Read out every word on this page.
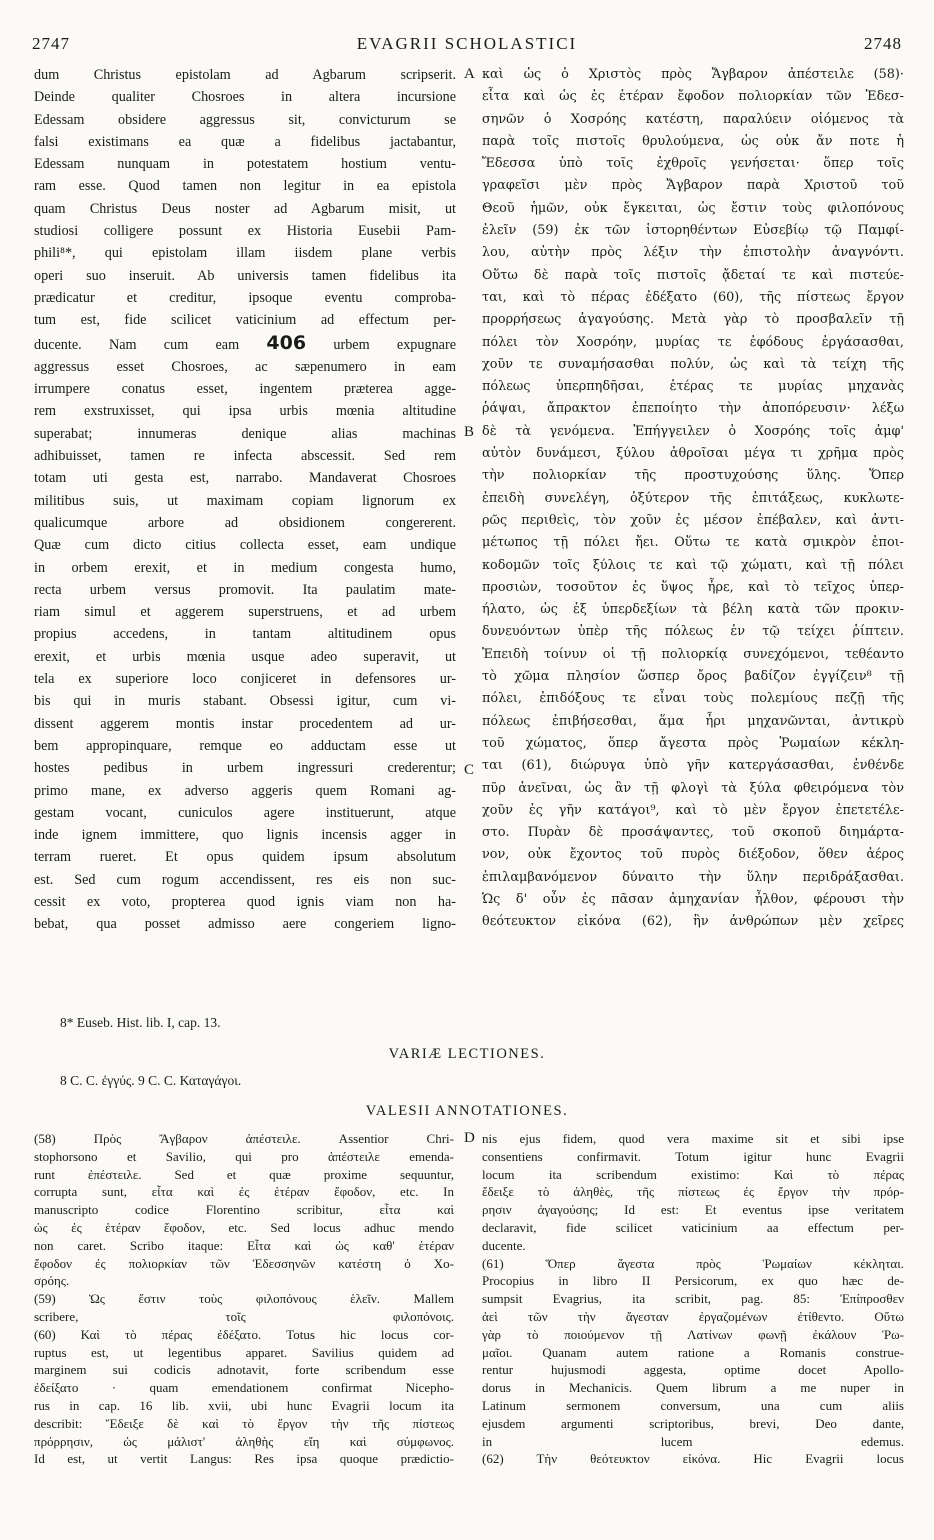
2747	EVAGRII SCHOLASTICI	2748
dum Christus epistolam ad Agbarum scripserit.
Deinde qualiter Chosroes in altera incursione
Edessam obsidere aggressus sit, convicturum se
falsi existimans ea quæ a fidelibus jactabantur,
Edessam nunquam in potestatem hostium ventu-
ram esse. Quod tamen non legitur in ea epistola
quam Christus Deus noster ad Agbarum misit, ut
studiosi colligere possunt ex Historia Eusebii Pam-
phili⁸*, qui epistolam illam iisdem plane verbis
operi suo inseruit. Ab universis tamen fidelibus ita
prædicatur et creditur, ipsoque eventu comproba-
tum est, fide scilicet vaticinium ad effectum per-
ducente. Nam cum eam 406 urbem expugnare
aggressus esset Chosroes, ac sæpenumero in eam
irrumpere conatus esset, ingentem præterea agge-
rem exstruxisset, qui ipsa urbis mœnia altitudine
superabat; innumeras denique alias machinas
adhibuisset, tamen re infecta abscessit. Sed rem
totam uti gesta est, narrabo. Mandaverat Chosroes
militibus suis, ut maximam copiam lignorum ex
qualicumque arbore ad obsidionem congererent.
Quæ cum dicto citius collecta esset, eam undique
in orbem erexit, et in medium congesta humo,
recta urbem versus promovit. Ita paulatim mate-
riam simul et aggerem superstruens, et ad urbem
propius accedens, in tantam altitudinem opus
erexit, et urbis mœnia usque adeo superavit, ut
tela ex superiore loco conjiceret in defensores ur-
bis qui in muris stabant. Obsessi igitur, cum vi-
dissent aggerem montis instar procedentem ad ur-
bem appropinquare, remque eo adductam esse ut
hostes pedibus in urbem ingressuri crederentur;
primo mane, ex adverso aggeris quem Romani ag-
gestam vocant, cuniculos agere instituerunt, atque
inde ignem immittere, quo lignis incensis agger in
terram rueret. Et opus quidem ipsum absolutum
est. Sed cum rogum accendissent, res eis non suc-
cessit ex voto, propterea quod ignis viam non ha-
bebat, qua posset admisso aere congeriem ligno-
καὶ ὡς ὁ Χριστὸς πρὸς Ἄγβαρον ἀπέστειλε (58)·
εἶτα καὶ ὡς ἐς ἑτέραν ἔφοδον πολιορκίαν τῶν Ἐδεσ-
σηνῶν ὁ Χοσρόης κατέστη, παραλύειν οἰόμενος τὰ
παρὰ τοῖς πιστοῖς θρυλούμενα, ὡς οὐκ ἄν ποτε ἡ
Ἔδεσσα ὑπὸ τοῖς ἐχθροῖς γενήσεται· ὅπερ τοῖς
γραφεῖσι μὲν πρὸς Ἄγβαρον παρὰ Χριστοῦ τοῦ
Θεοῦ ἡμῶν, οὐκ ἔγκειται, ὡς ἔστιν τοὺς φιλοπόνους
ἐλεῖν (59) ἐκ τῶν ἱστορηθέντων Εὐσεβίῳ τῷ Παμφί-
λου, αὐτὴν πρὸς λέξιν τὴν ἐπιστολὴν ἀναγνόντι.
Οὕτω δὲ παρὰ τοῖς πιστοῖς ᾄδεταί τε καὶ πιστεύε-
ται, καὶ τὸ πέρας ἐδέξατο (60), τῆς πίστεως ἔργον
προρρήσεως ἀγαγούσης. Μετὰ γὰρ τὸ προσβαλεῖν τῇ
πόλει τὸν Χοσρόην, μυρίας τε ἐφόδους ἐργάσασθαι,
χοῦν τε συναμήσασθαι πολύν, ὡς καὶ τὰ τείχη τῆς
πόλεως ὑπερπηδῆσαι, ἑτέρας τε μυρίας μηχανὰς
ῥάψαι, ἄπρακτον ἐπεποίητο τὴν ἀποπόρευσιν· λέξω
δὲ τὰ γενόμενα. Ἐπήγγειλεν ὁ Χοσρόης τοῖς ἀμφ'
αὐτὸν δυνάμεσι, ξύλου ἀθροῖσαι μέγα τι χρῆμα πρὸς
τὴν πολιορκίαν τῆς προστυχούσης ὕλης. Ὅπερ
ἐπειδὴ συνελέγη, ὀξύτερον τῆς ἐπιτάξεως, κυκλωτε-
ρῶς περιθεὶς, τὸν χοῦν ἐς μέσον ἐπέβαλεν, καὶ ἀντι-
μέτωπος τῇ πόλει ἤει. Οὕτω τε κατὰ σμικρὸν ἐποι-
κοδομῶν τοῖς ξύλοις τε καὶ τῷ χώματι, καὶ τῇ πόλει
προσιὼν, τοσοῦτον ἐς ὕψος ἦρε, καὶ τὸ τεῖχος ὑπερ-
ήλατο, ὡς ἐξ ὑπερδεξίων τὰ βέλη κατὰ τῶν προκιν-
δυνευόντων ὑπὲρ τῆς πόλεως ἐν τῷ τείχει ῥίπτειν.
Ἐπειδὴ τοίνυν οἱ τῇ πολιορκίᾳ συνεχόμενοι, τεθέαντο
τὸ χῶμα πλησίον ὥσπερ ὄρος βαδίζον ἐγγίζειν⁸ τῇ
πόλει, ἐπιδόξους τε εἶναι τοὺς πολεμίους πεζῇ τῆς
πόλεως ἐπιβήσεσθαι, ἅμα ἦρι μηχανῶνται, ἀντικρὺ
τοῦ χώματος, ὅπερ ἄγεστα πρὸς Ῥωμαίων κέκλη-
ται (61), διώρυγα ὑπὸ γῆν κατεργάσασθαι, ἐνθένδε
πῦρ ἀνεῖναι, ὡς ἂν τῇ φλογὶ τὰ ξύλα φθειρόμενα τὸν
χοῦν ἐς γῆν κατάγοι⁹, καὶ τὸ μὲν ἔργον ἐπετετέλε-
στο. Πυρὰν δὲ προσάψαντες, τοῦ σκοποῦ διημάρτα-
νον, οὐκ ἔχοντος τοῦ πυρὸς διέξοδον, ὅθεν ἀέρος
ἐπιλαμβανόμενον δύναιτο τὴν ὕλην περιδράξασθαι.
Ὡς δ' οὖν ἐς πᾶσαν ἀμηχανίαν ἦλθον, φέρουσι τὴν
θεότευκτον εἰκόνα (62), ἣν ἀνθρώπων μὲν χεῖρες
A
B
C
D
8* Euseb. Hist. lib. I, cap. 13.
VARIÆ LECTIONES.
8 C. C. ἐγγύς. 9 C. C. Καταγάγοι.
VALESII ANNOTATIONES.
(58) Πρὸς Ἄγβαρον ἀπέστειλε. Assentior Chri-
stophorsono et Savilio, qui pro ἀπέστειλε emenda-
runt ἐπέστειλε. Sed et quæ proxime sequuntur,
corrupta sunt, εἶτα καὶ ἐς ἑτέραν ἔφοδον, etc. In
manuscripto codice Florentino scribitur, εἶτα καὶ
ὡς ἐς ἑτέραν ἔφοδον, etc. Sed locus adhuc mendo
non caret. Scribo itaque: Εἶτα καὶ ὡς καθ' ἑτέραν
ἔφοδον ἐς πολιορκίαν τῶν Ἐδεσσηνῶν κατέστη ὁ Χο-
σρόης.
(59) Ὡς ἔστιν τοὺς φιλοπόνους ἑλεῖν. Mallem
scribere, τοῖς φιλοπόνοις.
(60) Καὶ τὸ πέρας ἐδέξατο. Totus hic locus cor-
ruptus est, ut legentibus apparet. Savilius quidem ad
marginem sui codicis adnotavit, forte scribendum esse
ἐδείξατο · quam emendationem confirmat Nicepho-
rus in cap. 16 lib. xvii, ubi hunc Evagrii locum ita
describit: Ἔδειξε δὲ καὶ τὸ ἔργον τὴν τῆς πίστεως
πρόρρησιν, ὡς μάλιστ' ἀληθὴς εἴη καὶ σύμφωνος.
Id est, ut vertit Langus: Res ipsa quoque prædictio-
nis ejus fidem, quod vera maxime sit et sibi ipse
consentiens confirmavit. Totum igitur hunc Evagrii
locum ita scribendum existimo: Καὶ τὸ πέρας
ἔδειξε τὸ ἀληθὲς, τῆς πίστεως ἐς ἔργον τὴν πρόρ-
ρησιν ἀγαγούσης; Id est: Et eventus ipse veritatem
declaravit, fide scilicet vaticinium aa effectum per-
ducente.
(61) Ὅπερ ἄγεστα πρὸς Ῥωμαίων κέκληται.
Procopius in libro II Persicorum, ex quo hæc de-
sumpsit Evagrius, ita scribit, pag. 85: Ἐπίπροσθεν
ἀεὶ τῶν τὴν ἄγεσταν ἐργαζομένων ἐτίθεντο. Οὕτω
γὰρ τὸ ποιούμενον τῇ Λατίνων φωνῇ ἐκάλουν Ῥω-
μαῖοι. Quanam autem ratione a Romanis construe-
rentur hujusmodi aggesta, optime docet Apollo-
dorus in Mechanicis. Quem librum a me nuper in
Latinum sermonem conversum, una cum aliis
ejusdem argumenti scriptoribus, brevi, Deo dante,
in lucem edemus.
(62) Τὴν θεότευκτον εἰκόνα. Hic Evagrii locus
